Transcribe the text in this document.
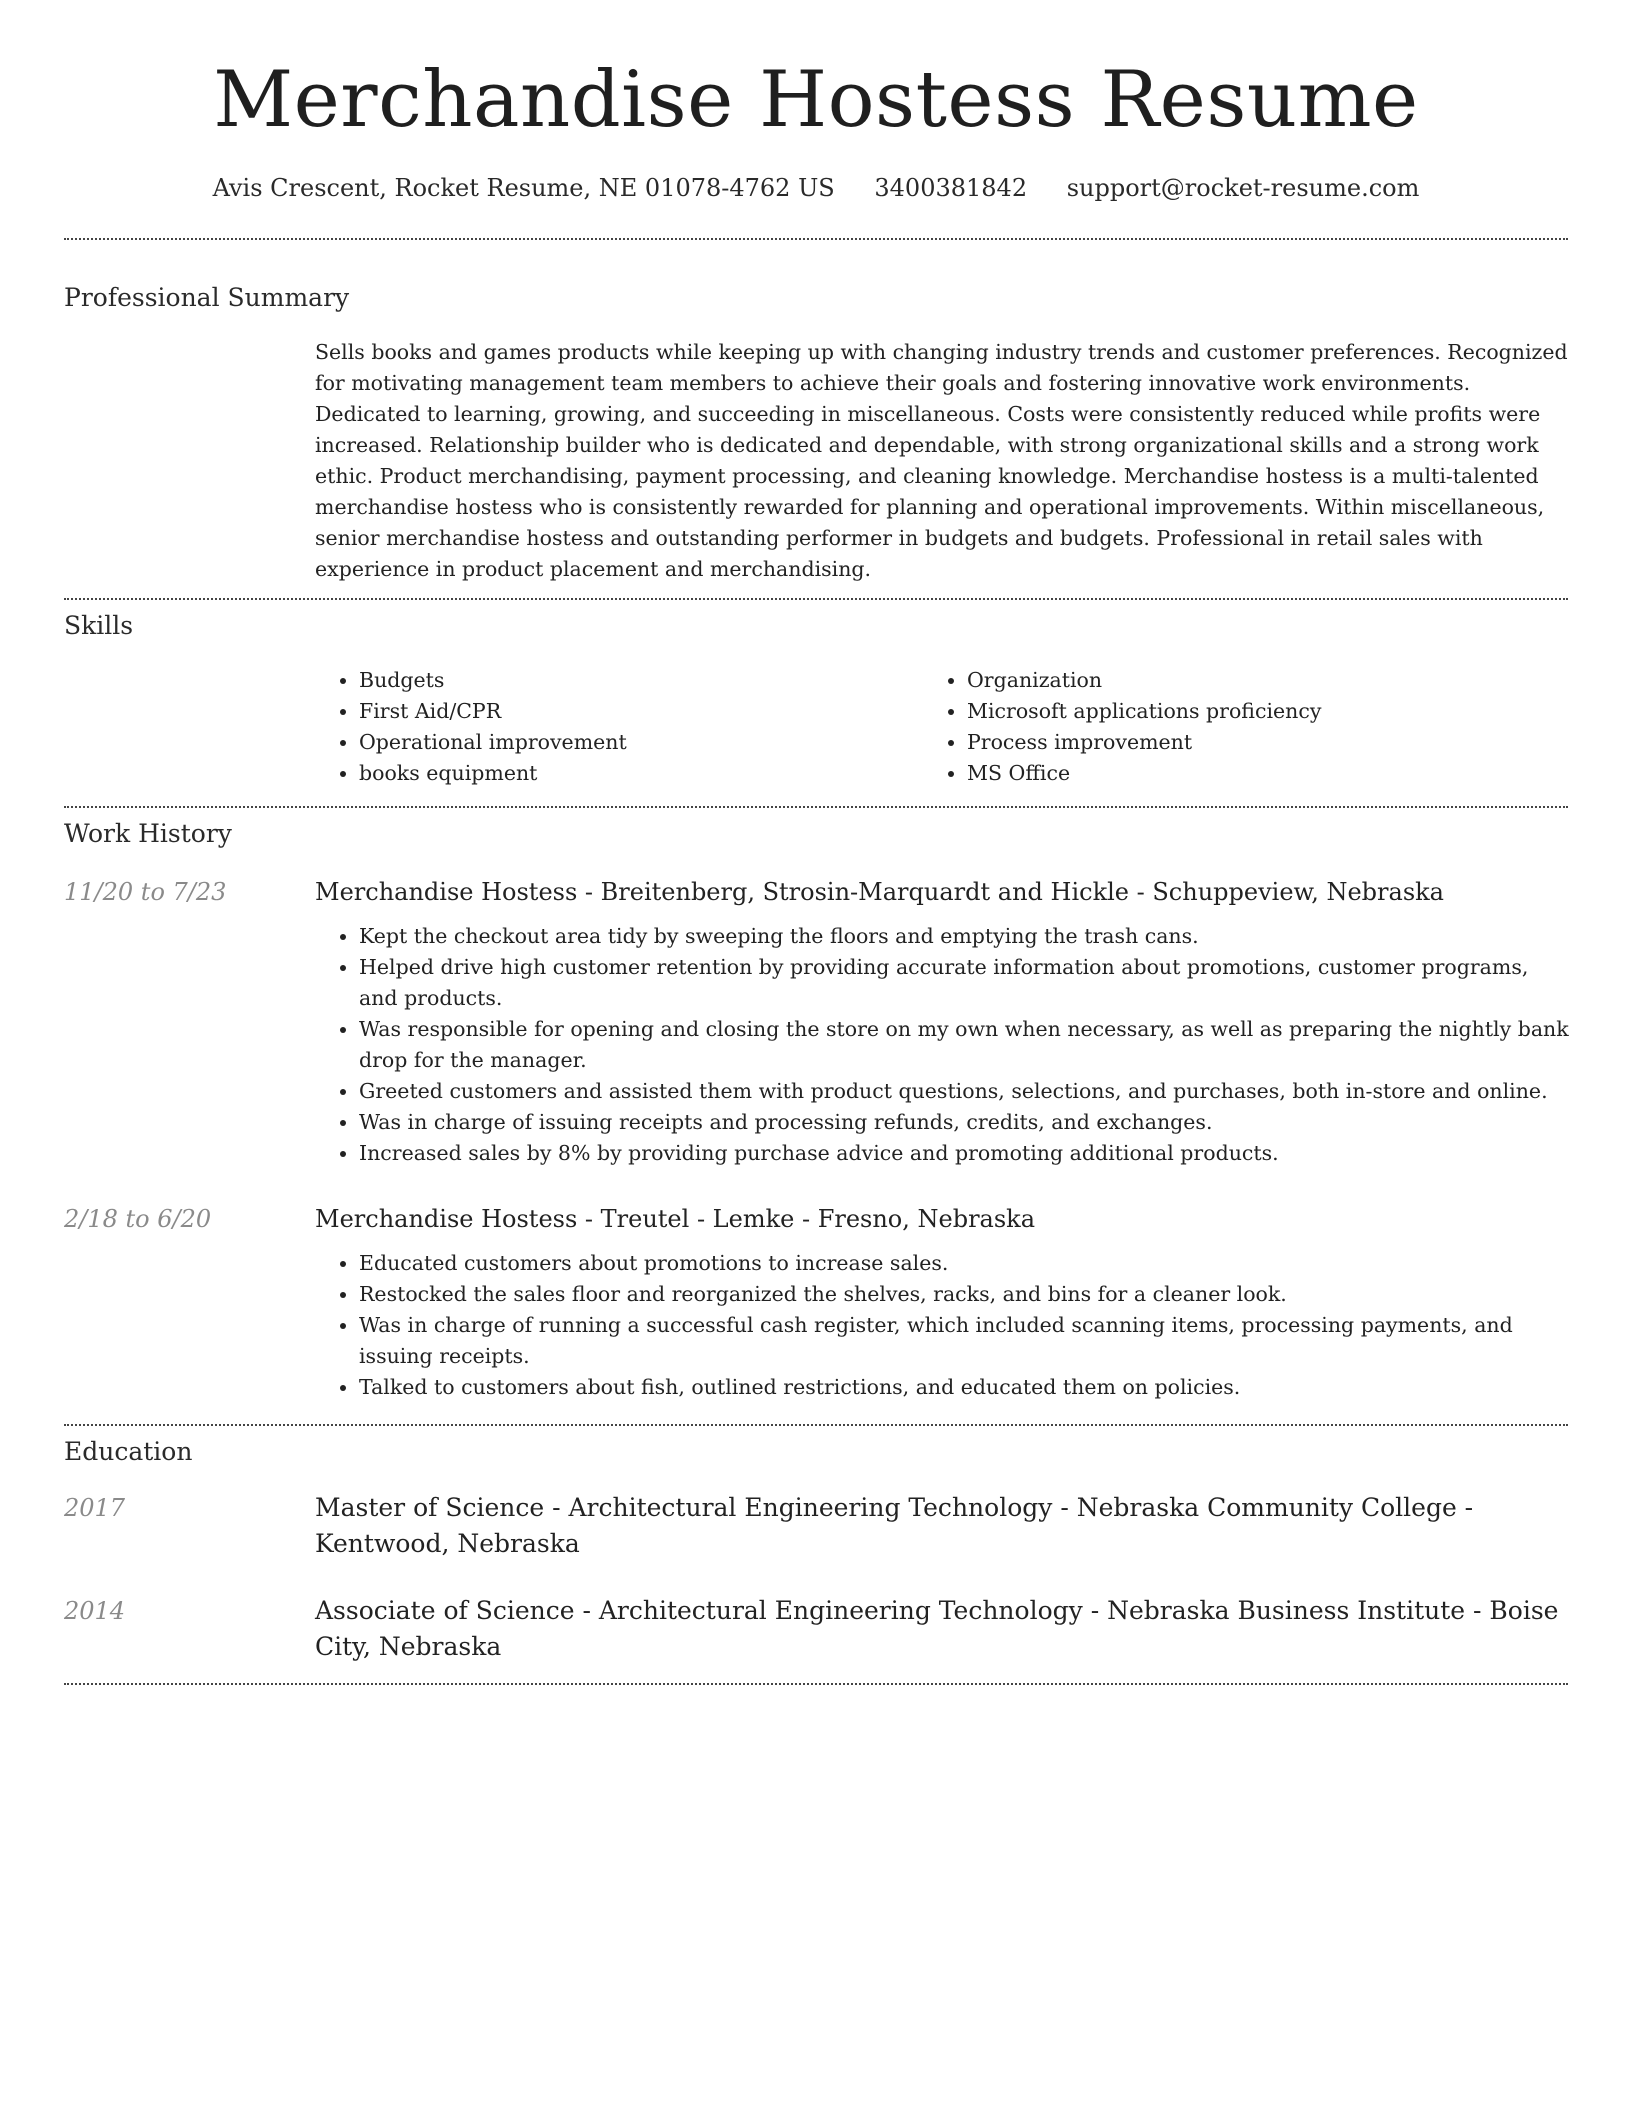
Merchandise Hostess Resume
Avis Crescent, Rocket Resume, NE 01078-4762 US 3400381842 support@rocket-resume.com
Professional Summary

Sells books and games products while keeping up with changing industry trends and customer preferences. Recognized for motivating management team members to achieve their goals and fostering innovative work environments. Dedicated to learning, growing, and succeeding in miscellaneous. Costs were consistently reduced while profits were increased. Relationship builder who is dedicated and dependable, with strong organizational skills and a strong work ethic. Product merchandising, payment processing, and cleaning knowledge. Merchandise hostess is a multi-talented merchandise hostess who is consistently rewarded for planning and operational improvements. Within miscellaneous, senior merchandise hostess and outstanding performer in budgets and budgets. Professional in retail sales with experience in product placement and merchandising.

Skills
• Budgets
• First Aid/CPR
• Operational improvement
• books equipment
• Organization
• Microsoft applications proficiency
• Process improvement
• MS Office
Work History
11/20 to 7/23	Merchandise Hostess - Breitenberg, Strosin-Marquardt and Hickle - Schuppeview, Nebraska

• Kept the checkout area tidy by sweeping the floors and emptying the trash cans.
• Helped drive high customer retention by providing accurate information about promotions, customer programs, and products.
• Was responsible for opening and closing the store on my own when necessary, as well as preparing the nightly bank drop for the manager.
• Greeted customers and assisted them with product questions, selections, and purchases, both in-store and online.
• Was in charge of issuing receipts and processing refunds, credits, and exchanges.
• Increased sales by 8% by providing purchase advice and promoting additional products.
2/18 to 6/20	Merchandise Hostess - Treutel - Lemke - Fresno, Nebraska

• Educated customers about promotions to increase sales.
• Restocked the sales floor and reorganized the shelves, racks, and bins for a cleaner look.
• Was in charge of running a successful cash register, which included scanning items, processing payments, and issuing receipts.
• Talked to customers about fish, outlined restrictions, and educated them on policies.
Education
2017	Master of Science - Architectural Engineering Technology - Nebraska Community College - Kentwood, Nebraska

2014	Associate of Science - Architectural Engineering Technology - Nebraska Business Institute - Boise City, Nebraska
